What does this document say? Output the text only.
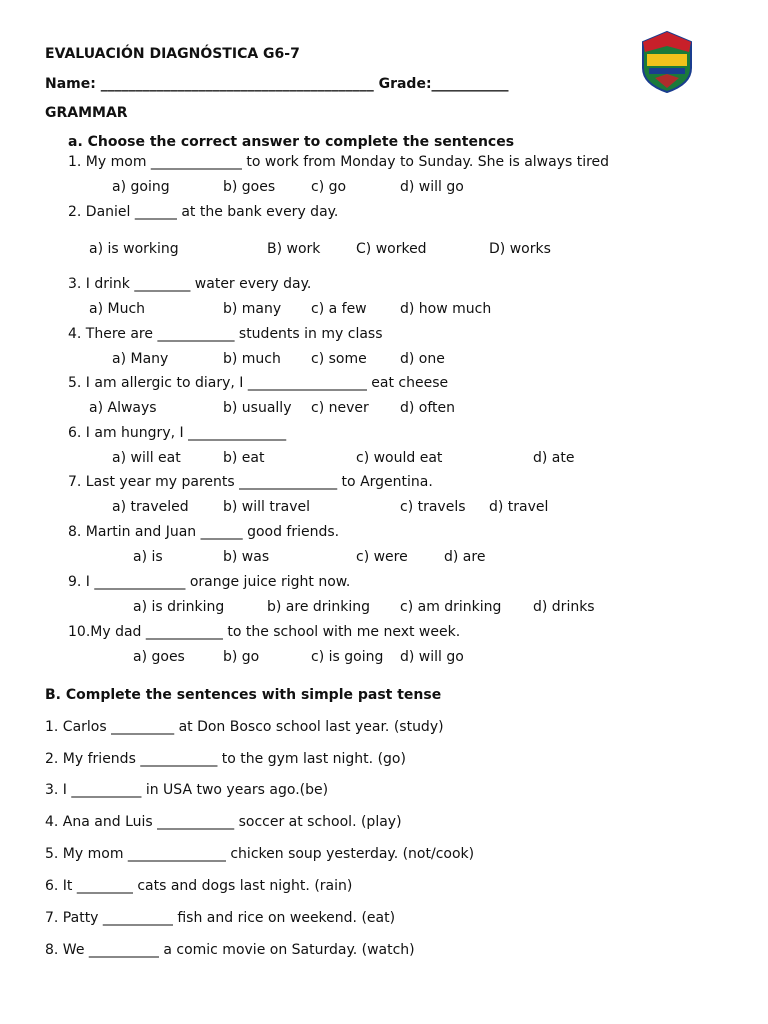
EVALUACIÓN DIAGNÓSTICA G6-7
Name: _______________________________________ Grade:___________
GRAMMAR
a. Choose the correct answer to complete the sentences
1. My mom _____________ to work from Monday to Sunday. She is always tired
a) going	b) goes	c) go	d) will go
2. Daniel ______ at the bank every day.
a) is working	B) work	C) worked	D) works
3. I drink ________ water every day.
a) Much	b) many c) a few d) how much
4. There are ___________ students in my class
a) Many	b) much c) some d) one
5. I am allergic to diary, I _________________ eat cheese
a) Always	b) usually c) never d) often
6. I am hungry, I ______________
a) will eat	b) eat	c) would eat	d) ate
7. Last year my parents ______________ to Argentina.
a) traveled b) will travel	c) travels d) travel
8. Martin and Juan ______ good friends.
a) is	b) was	c) were	d) are
9. I _____________ orange juice right now.
a) is drinking	b) are drinking c) am drinking d) drinks
10.My dad ___________ to the school with me next week.
a) goes	b) go	c) is going d) will go
B. Complete the sentences with simple past tense
1. Carlos _________ at Don Bosco school last year. (study)
2. My friends ___________ to the gym last night. (go)
3. I __________ in USA two years ago.(be)
4. Ana and Luis ___________ soccer at school. (play)
5. My mom ______________ chicken soup yesterday. (not/cook)
6. It ________ cats and dogs last night. (rain)
7. Patty __________ fish and rice on weekend. (eat)
8. We __________ a comic movie on Saturday. (watch)
